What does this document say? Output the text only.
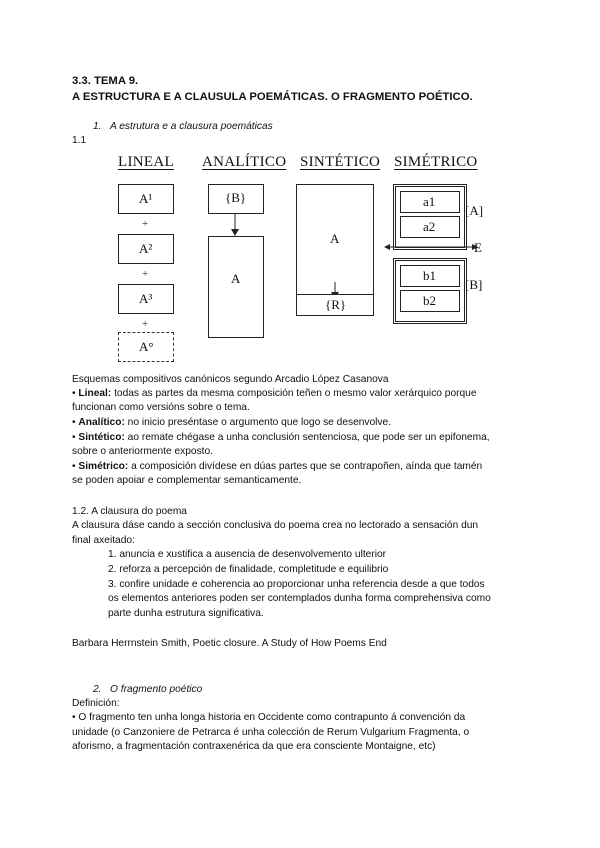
3.3. TEMA 9.
A ESTRUCTURA E A CLAUSULA POEMÁTICAS. O FRAGMENTO POÉTICO.
1. A estrutura e a clausura poemáticas
1.1
LINEAL ANALÍTICO SINTÉTICO SIMÉTRICO
A¹
+
A²
+
A³
+
A°
{B}
A
A
{R}
a1
a2
[A]
E
b1
b2
[B]
Esquemas compositivos canónicos segundo Arcadio López Casanova
• Lineal: todas as partes da mesma composición teñen o mesmo valor xerárquico porque
funcionan como versións sobre o tema.
• Analítico: no inicio preséntase o argumento que logo se desenvolve.
• Sintético: ao remate chégase a unha conclusión sentenciosa, que pode ser un epifonema,
sobre o anteriormente exposto.
• Simétrico: a composición divídese en dúas partes que se contrapoñen, aínda que tamén
se poden apoiar e complementar semanticamente.
1.2. A clausura do poema
A clausura dáse cando a sección conclusiva do poema crea no lectorado a sensación dun
final axeitado:
1. anuncia e xustifica a ausencia de desenvolvemento ulterior
2. reforza a percepción de finalidade, completitude e equilibrio
3. confire unidade e coherencia ao proporcionar unha referencia desde a que todos
os elementos anteriores poden ser contemplados dunha forma comprehensiva como
parte dunha estrutura significativa.
Barbara Herrnstein Smith, Poetic closure. A Study of How Poems End
2. O fragmento poético
Definición:
• O fragmento ten unha longa historia en Occidente como contrapunto á convención da
unidade (o Canzoniere de Petrarca é unha colección de Rerum Vulgarium Fragmenta, o
aforismo, a fragmentación contraxenérica da que era consciente Montaigne, etc)
